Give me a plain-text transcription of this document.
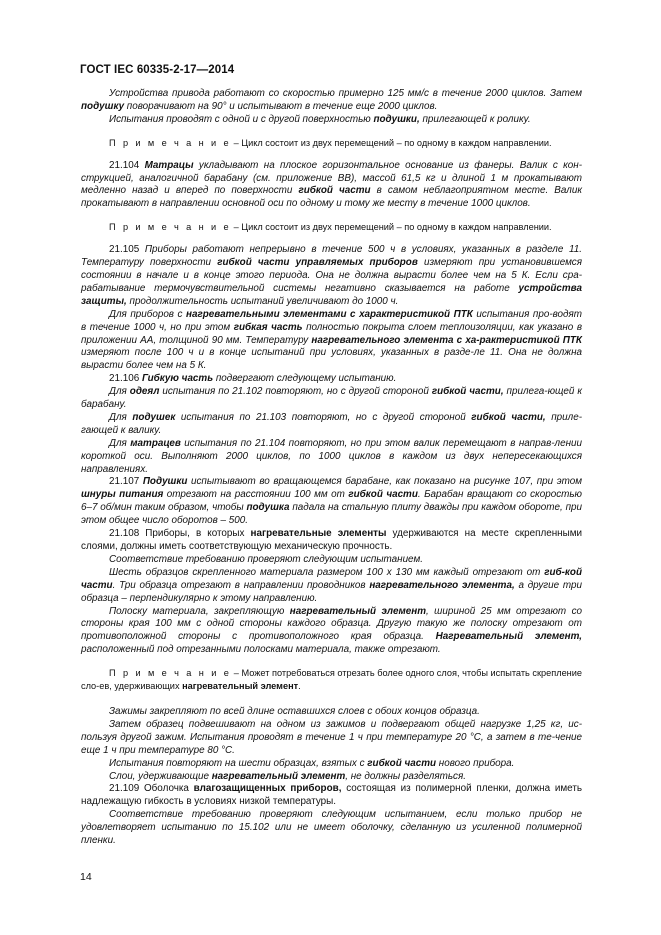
ГОСТ IEC 60335-2-17—2014

Устройства привода работают со скоростью примерно 125 мм/с в течение 2000 циклов. Затем подушку поворачивают на 90° и испытывают в течение еще 2000 циклов.

Испытания проводят с одной и с другой поверхностью подушки, прилегающей к ролику.

П р и м е ч а н и е – Цикл состоит из двух перемещений – по одному в каждом направлении.

21.104 Матрацы укладывают на плоское горизонтальное основание из фанеры. Валик с кон-струкцией, аналогичной барабану (см. приложение ВВ), массой 61,5 кг и длиной 1 м прокатывают медленно назад и вперед по поверхности гибкой части в самом неблагоприятном месте. Валик прокатывают в направлении основной оси по одному и тому же месту в течение 1000 циклов.

П р и м е ч а н и е – Цикл состоит из двух перемещений – по одному в каждом направлении.

21.105 Приборы работают непрерывно в течение 500 ч в условиях, указанных в разделе 11. Температуру поверхности гибкой части управляемых приборов измеряют при установившемся состоянии в начале и в конце этого периода. Она не должна вырасти более чем на 5 К. Если сра-рабатывание термочувствительной системы негативно сказывается на работе устройства защиты, продолжительность испытаний увеличивают до 1000 ч.

Для приборов с нагревательными элементами с характеристикой ПТК испытания про-водят в течение 1000 ч, но при этом гибкая часть полностью покрыта слоем теплоизоляции, как указано в приложении АА, толщиной 90 мм. Температуру нагревательного элемента с ха-рактеристикой ПТК измеряют после 100 ч и в конце испытаний при условиях, указанных в разде-ле 11. Она не должна вырасти более чем на 5 К.

21.106 Гибкую часть подвергают следующему испытанию.

Для одеял испытания по 21.102 повторяют, но с другой стороной гибкой части, прилега-ющей к барабану.

Для подушек испытания по 21.103 повторяют, но с другой стороной гибкой части, приле-гающей к валику.

Для матрацев испытания по 21.104 повторяют, но при этом валик перемещают в направ-лении короткой оси. Выполняют 2000 циклов, по 1000 циклов в каждом из двух непересекающихся направлениях.

21.107 Подушки испытывают во вращающемся барабане, как показано на рисунке 107, при этом шнуры питания отрезают на расстоянии 100 мм от гибкой части. Барабан вращают со скоростью 6–7 об/мин таким образом, чтобы подушка падала на стальную плиту дважды при каждом обороте, при этом общее число оборотов – 500.

21.108 Приборы, в которых нагревательные элементы удерживаются на месте скрепленными слоями, должны иметь соответствующую механическую прочность.

Соответствие требованию проверяют следующим испытанием.

Шесть образцов скрепленного материала размером 100 х 130 мм каждый отрезают от гиб-кой части. Три образца отрезают в направлении проводников нагревательного элемента, а другие три образца – перпендикулярно к этому направлению.

Полоску материала, закрепляющую нагревательный элемент, шириной 25 мм отрезают со стороны края 100 мм с одной стороны каждого образца. Другую такую же полоску отрезают от противоположной стороны с противоположного края образца. Нагревательный элемент, расположенный под отрезанными полосками материала, также отрезают.

П р и м е ч а н и е – Может потребоваться отрезать более одного слоя, чтобы испытать скрепление сло-ев, удерживающих нагревательный элемент.

Зажимы закрепляют по всей длине оставшихся слоев с обоих концов образца.

Затем образец подвешивают на одном из зажимов и подвергают общей нагрузке 1,25 кг, ис-пользуя другой зажим. Испытания проводят в течение 1 ч при температуре 20 °С, а затем в те-чение еще 1 ч при температуре 80 °С.

Испытания повторяют на шести образцах, взятых с гибкой части нового прибора.

Слои, удерживающие нагревательный элемент, не должны разделяться.

21.109 Оболочка влагозащищенных приборов, состоящая из полимерной пленки, должна иметь надлежащую гибкость в условиях низкой температуры.

Соответствие требованию проверяют следующим испытанием, если только прибор не удовлетворяет испытанию по 15.102 или не имеет оболочку, сделанную из усиленной полимерной пленки.

14
